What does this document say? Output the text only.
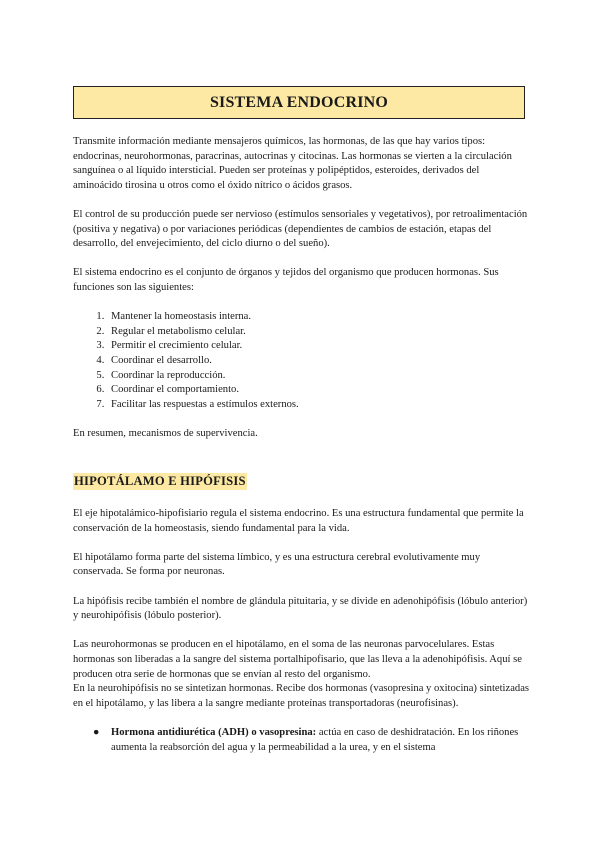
SISTEMA ENDOCRINO

Transmite información mediante mensajeros químicos, las hormonas, de las que hay varios tipos: endocrinas, neurohormonas, paracrinas, autocrinas y citocinas. Las hormonas se vierten a la circulación sanguínea o al líquido intersticial. Pueden ser proteínas y polipéptidos, esteroides, derivados del aminoácido tirosina u otros como el óxido nítrico o ácidos grasos.

El control de su producción puede ser nervioso (estímulos sensoriales y vegetativos), por retroalimentación (positiva y negativa) o por variaciones periódicas (dependientes de cambios de estación, etapas del desarrollo, del envejecimiento, del ciclo diurno o del sueño).

El sistema endocrino es el conjunto de órganos y tejidos del organismo que producen hormonas. Sus funciones son las siguientes:

1. Mantener la homeostasis interna.
2. Regular el metabolismo celular.
3. Permitir el crecimiento celular.
4. Coordinar el desarrollo.
5. Coordinar la reproducción.
6. Coordinar el comportamiento.
7. Facilitar las respuestas a estímulos externos.

En resumen, mecanismos de supervivencia.

HIPOTÁLAMO E HIPÓFISIS

El eje hipotalámico-hipofisiario regula el sistema endocrino. Es una estructura fundamental que permite la conservación de la homeostasis, siendo fundamental para la vida.

El hipotálamo forma parte del sistema límbico, y es una estructura cerebral evolutivamente muy conservada. Se forma por neuronas.

La hipófisis recibe también el nombre de glándula pituitaria, y se divide en adenohipófisis (lóbulo anterior) y neurohipófisis (lóbulo posterior).

Las neurohormonas se producen en el hipotálamo, en el soma de las neuronas parvocelulares. Estas hormonas son liberadas a la sangre del sistema portalhipofisario, que las lleva a la adenohipófisis. Aquí se producen otra serie de hormonas que se envían al resto del organismo.

En la neurohipófisis no se sintetizan hormonas. Recibe dos hormonas (vasopresina y oxitocina) sintetizadas en el hipotálamo, y las libera a la sangre mediante proteínas transportadoras (neurofisinas).

● Hormona antidiurética (ADH) o vasopresina: actúa en caso de deshidratación. En los riñones aumenta la reabsorción del agua y la permeabilidad a la urea, y en el sistema
